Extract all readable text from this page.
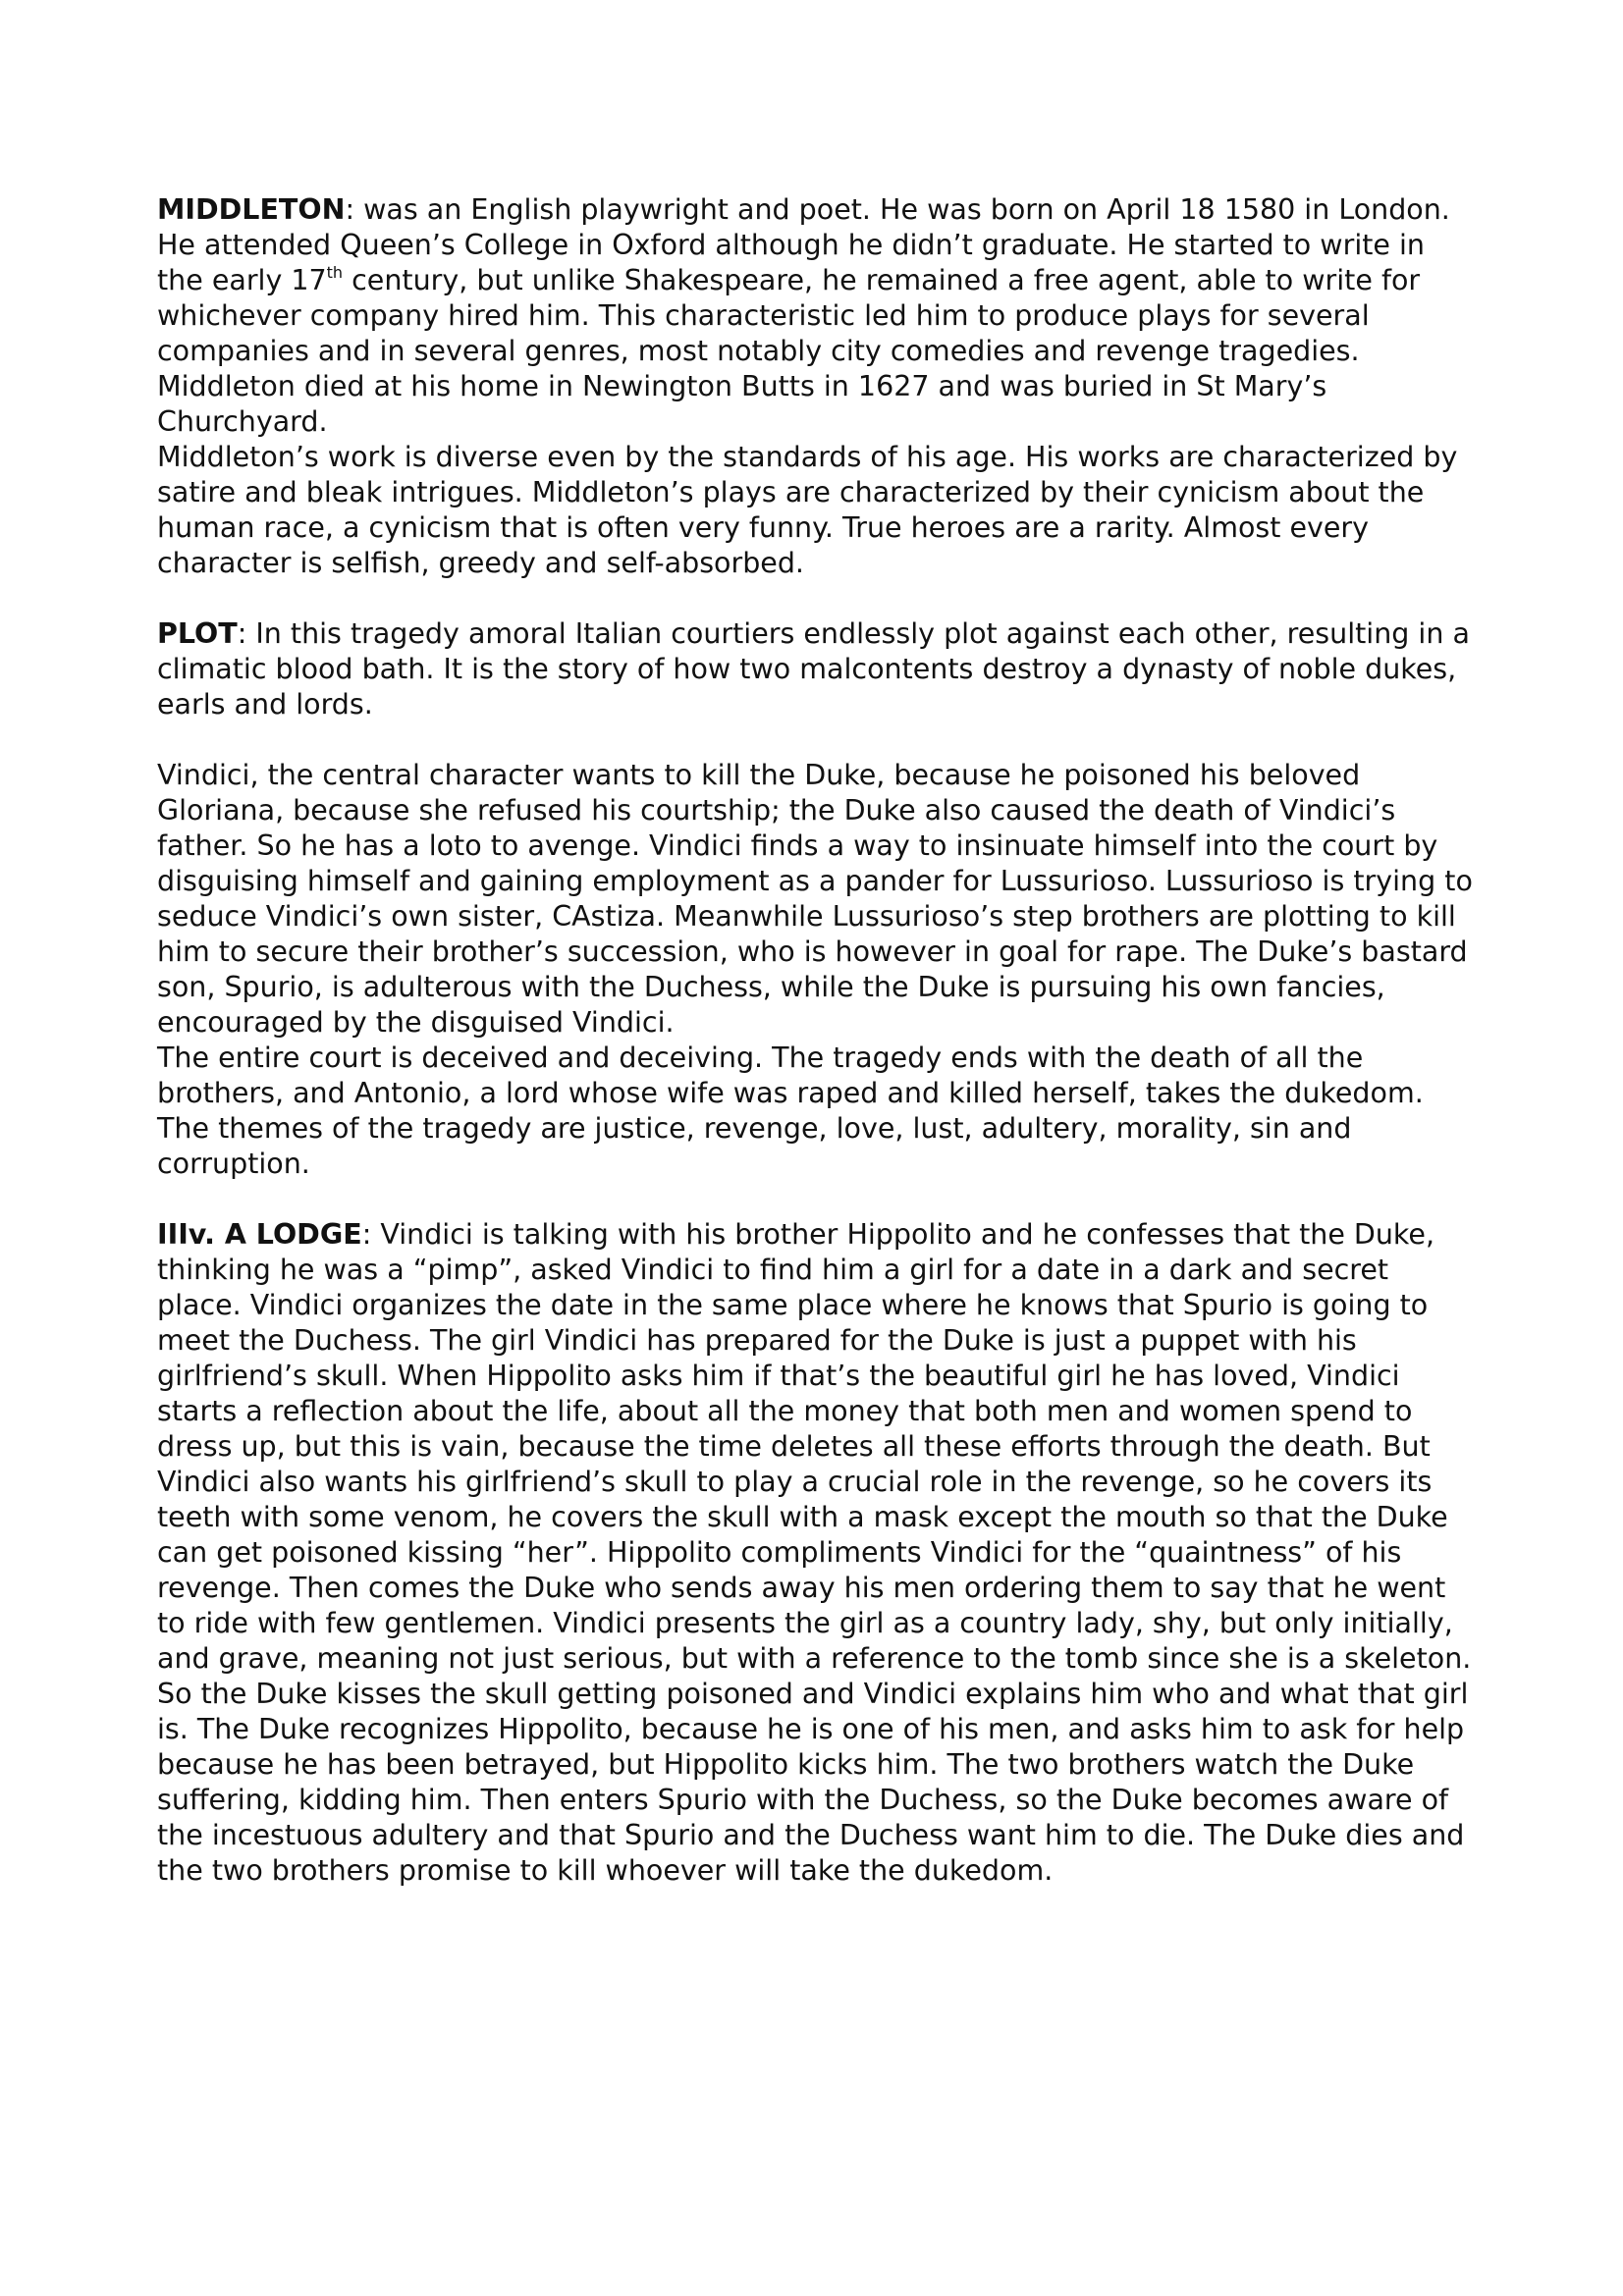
MIDDLETON: was an English playwright and poet. He was born on April 18 1580 in London. He attended Queen’s College in Oxford although he didn’t graduate. He started to write in the early 17th century, but unlike Shakespeare, he remained a free agent, able to write for whichever company hired him. This characteristic led him to produce plays for several companies and in several genres, most notably city comedies and revenge tragedies. Middleton died at his home in Newington Butts in 1627 and was buried in St Mary’s Churchyard.

Middleton’s work is diverse even by the standards of his age. His works are characterized by satire and bleak intrigues. Middleton’s plays are characterized by their cynicism about the human race, a cynicism that is often very funny. True heroes are a rarity. Almost every character is selfish, greedy and self-absorbed.

PLOT: In this tragedy amoral Italian courtiers endlessly plot against each other, resulting in a climatic blood bath. It is the story of how two malcontents destroy a dynasty of noble dukes, earls and lords.

Vindici, the central character wants to kill the Duke, because he poisoned his beloved Gloriana, because she refused his courtship; the Duke also caused the death of Vindici’s father. So he has a loto to avenge. Vindici finds a way to insinuate himself into the court by disguising himself and gaining employment as a pander for Lussurioso. Lussurioso is trying to seduce Vindici’s own sister, CAstiza. Meanwhile Lussurioso’s step brothers are plotting to kill him to secure their brother’s succession, who is however in goal for rape. The Duke’s bastard son, Spurio, is adulterous with the Duchess, while the Duke is pursuing his own fancies, encouraged by the disguised Vindici.

The entire court is deceived and deceiving. The tragedy ends with the death of all the brothers, and Antonio, a lord whose wife was raped and killed herself, takes the dukedom.

The themes of the tragedy are justice, revenge, love, lust, adultery, morality, sin and corruption.

IIIv. A LODGE: Vindici is talking with his brother Hippolito and he confesses that the Duke, thinking he was a “pimp”, asked Vindici to find him a girl for a date in a dark and secret place. Vindici organizes the date in the same place where he knows that Spurio is going to meet the Duchess. The girl Vindici has prepared for the Duke is just a puppet with his girlfriend’s skull. When Hippolito asks him if that’s the beautiful girl he has loved, Vindici starts a reflection about the life, about all the money that both men and women spend to dress up, but this is vain, because the time deletes all these efforts through the death. But Vindici also wants his girlfriend’s skull to play a crucial role in the revenge, so he covers its teeth with some venom, he covers the skull with a mask except the mouth so that the Duke can get poisoned kissing “her”. Hippolito compliments Vindici for the “quaintness” of his revenge. Then comes the Duke who sends away his men ordering them to say that he went to ride with few gentlemen. Vindici presents the girl as a country lady, shy, but only initially, and grave, meaning not just serious, but with a reference to the tomb since she is a skeleton. So the Duke kisses the skull getting poisoned and Vindici explains him who and what that girl is. The Duke recognizes Hippolito, because he is one of his men, and asks him to ask for help because he has been betrayed, but Hippolito kicks him. The two brothers watch the Duke suffering, kidding him. Then enters Spurio with the Duchess, so the Duke becomes aware of the incestuous adultery and that Spurio and the Duchess want him to die. The Duke dies and the two brothers promise to kill whoever will take the dukedom.
